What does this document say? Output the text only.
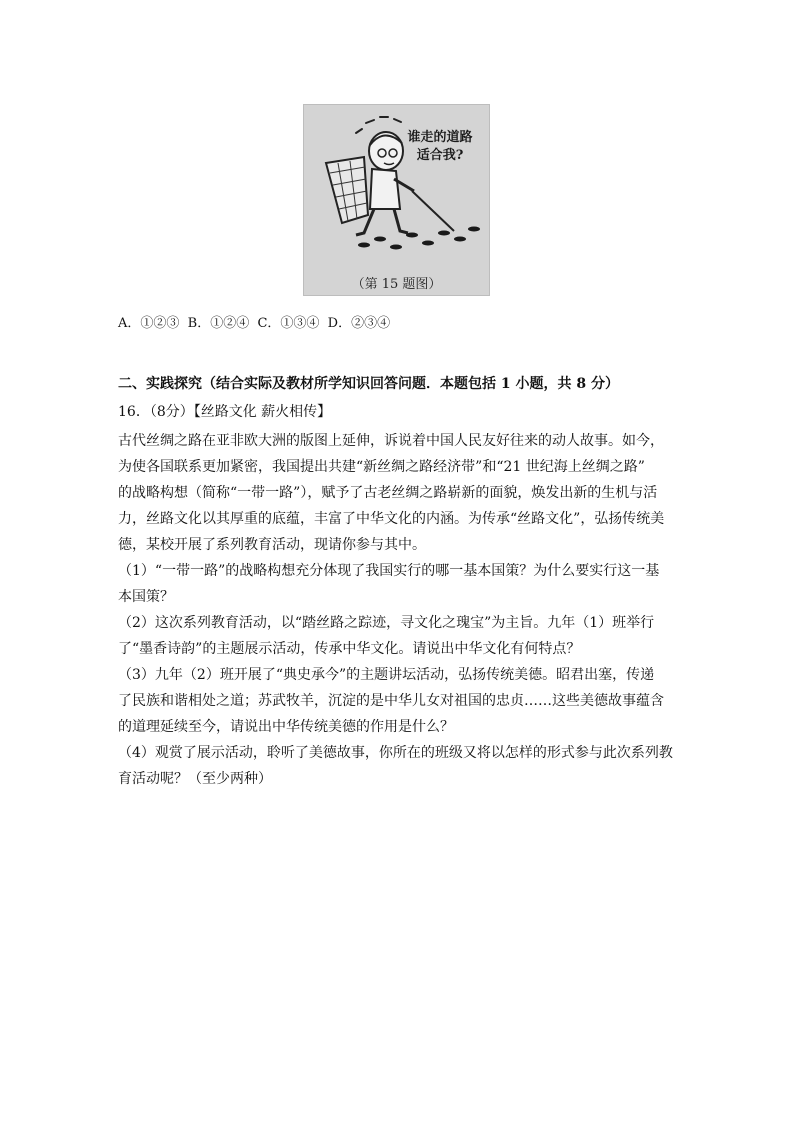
谁走的道路
适合我?
（第 15 题图）
A．①②③  B．①②④  C．①③④  D．②③④
二、实践探究（结合实际及教材所学知识回答问题．本题包括 1 小题，共 8 分）
16．（8分）【丝路文化 薪火相传】
古代丝绸之路在亚非欧大洲的版图上延伸，诉说着中国人民友好往来的动人故事。如今，
为使各国联系更加紧密，我国提出共建“新丝绸之路经济带”和“21 世纪海上丝绸之路”
的战略构想（简称“一带一路”），赋予了古老丝绸之路崭新的面貌，焕发出新的生机与活
力，丝路文化以其厚重的底蕴，丰富了中华文化的内涵。为传承“丝路文化”，弘扬传统美
德，某校开展了系列教育活动，现请你参与其中。
（1）“一带一路”的战略构想充分体现了我国实行的哪一基本国策？为什么要实行这一基
本国策？
（2）这次系列教育活动，以“踏丝路之踪迹，寻文化之瑰宝”为主旨。九年（1）班举行
了“墨香诗韵”的主题展示活动，传承中华文化。请说出中华文化有何特点？
（3）九年（2）班开展了“典史承今”的主题讲坛活动，弘扬传统美德。昭君出塞，传递
了民族和谐相处之道；苏武牧羊，沉淀的是中华儿女对祖国的忠贞……这些美德故事蕴含
的道理延续至今，请说出中华传统美德的作用是什么？
（4）观赏了展示活动，聆听了美德故事，你所在的班级又将以怎样的形式参与此次系列教
育活动呢？（至少两种）
